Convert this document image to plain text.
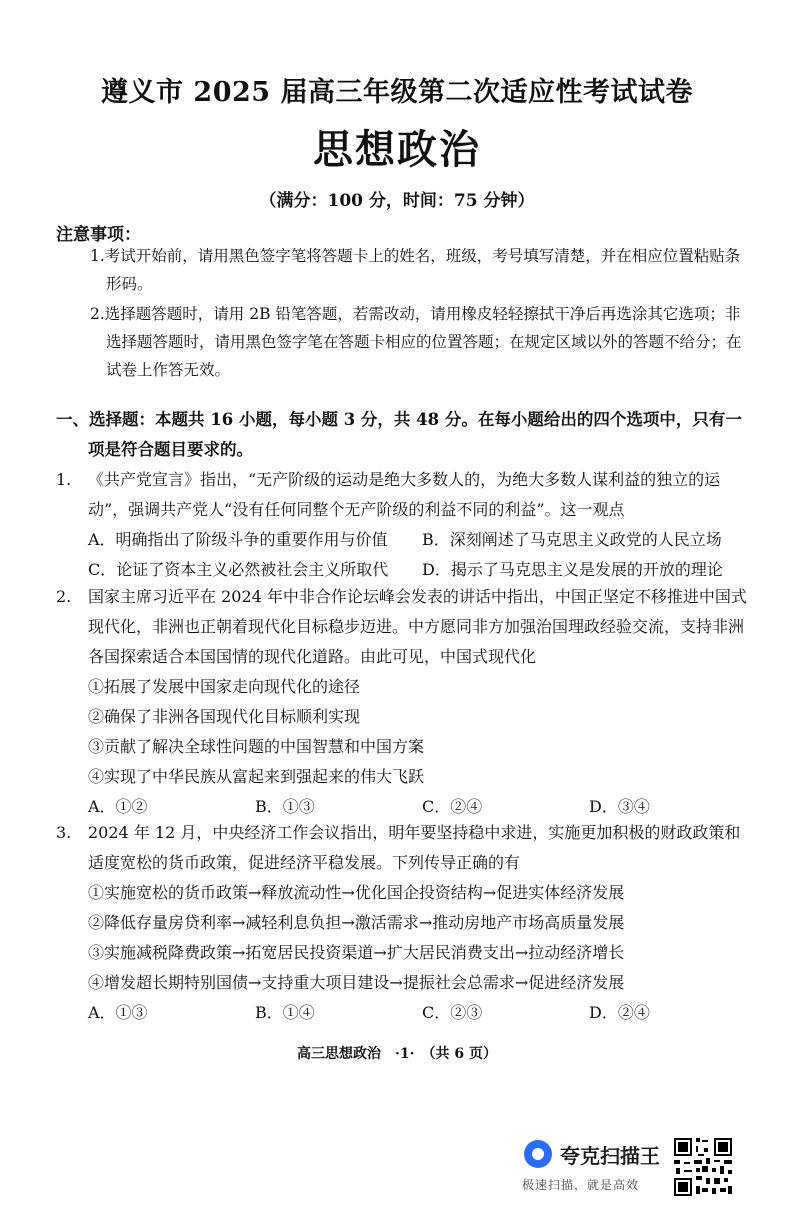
遵义市 2025 届高三年级第二次适应性考试试卷
思想政治
（满分：100 分，时间：75 分钟）
注意事项：

1.考试开始前，请用黑色签字笔将答题卡上的姓名，班级，考号填写清楚，并在相应位置粘贴条形码。

2.选择题答题时，请用 2B 铅笔答题，若需改动，请用橡皮轻轻擦拭干净后再选涂其它选项；非选择题答题时，请用黑色签字笔在答题卡相应的位置答题；在规定区域以外的答题不给分；在试卷上作答无效。

一、选择题：本题共 16 小题，每小题 3 分，共 48 分。在每小题给出的四个选项中，只有一项是符合题目要求的。

1. 《共产党宣言》指出，“无产阶级的运动是绝大多数人的，为绝大多数人谋利益的独立的运动”，强调共产党人“没有任何同整个无产阶级的利益不同的利益”。这一观点
A．明确指出了阶级斗争的重要作用与价值	B．深刻阐述了马克思主义政党的人民立场
C．论证了资本主义必然被社会主义所取代	D．揭示了马克思主义是发展的开放的理论
2. 国家主席习近平在 2024 年中非合作论坛峰会发表的讲话中指出，中国正坚定不移推进中国式现代化，非洲也正朝着现代化目标稳步迈进。中方愿同非方加强治国理政经验交流，支持非洲各国探索适合本国国情的现代化道路。由此可见，中国式现代化
①拓展了发展中国家走向现代化的途径
②确保了非洲各国现代化目标顺利实现
③贡献了解决全球性问题的中国智慧和中国方案
④实现了中华民族从富起来到强起来的伟大飞跃
A．①②	B．①③	C．②④	D．③④
3. 2024 年 12 月，中央经济工作会议指出，明年要坚持稳中求进，实施更加积极的财政政策和适度宽松的货币政策，促进经济平稳发展。下列传导正确的有
①实施宽松的货币政策→释放流动性→优化国企投资结构→促进实体经济发展
②降低存量房贷利率→减轻利息负担→激活需求→推动房地产市场高质量发展
③实施减税降费政策→拓宽居民投资渠道→扩大居民消费支出→拉动经济增长
④增发超长期特别国债→支持重大项目建设→提振社会总需求→促进经济发展
A．①③	B．①④	C．②③	D．②④
高三思想政治　·1·　（共 6 页）
夸克扫描王
极速扫描，就是高效
